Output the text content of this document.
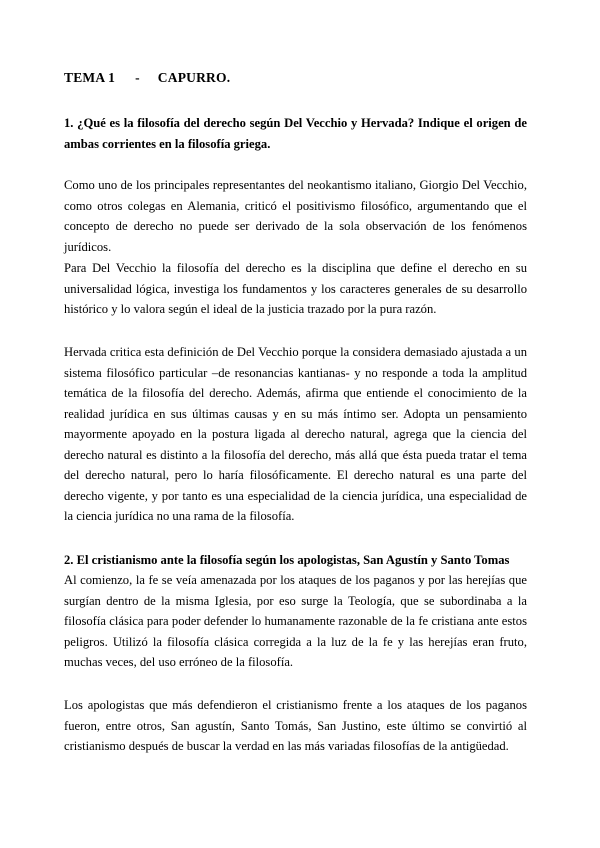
TEMA 1 - CAPURRO.
1. ¿Qué es la filosofía del derecho según Del Vecchio y Hervada? Indique el origen de ambas corrientes en la filosofía griega.
Como uno de los principales representantes del neokantismo italiano, Giorgio Del Vecchio, como otros colegas en Alemania, criticó el positivismo filosófico, argumentando que el concepto de derecho no puede ser derivado de la sola observación de los fenómenos jurídicos.
Para Del Vecchio la filosofía del derecho es la disciplina que define el derecho en su universalidad lógica, investiga los fundamentos y los caracteres generales de su desarrollo histórico y lo valora según el ideal de la justicia trazado por la pura razón.
Hervada critica esta definición de Del Vecchio porque la considera demasiado ajustada a un sistema filosófico particular –de resonancias kantianas- y no responde a toda la amplitud temática de la filosofía del derecho. Además, afirma que entiende el conocimiento de la realidad jurídica en sus últimas causas y en su más íntimo ser. Adopta un pensamiento mayormente apoyado en la postura ligada al derecho natural, agrega que la ciencia del derecho natural es distinto a la filosofía del derecho, más allá que ésta pueda tratar el tema del derecho natural, pero lo haría filosóficamente. El derecho natural es una parte del derecho vigente, y por tanto es una especialidad de la ciencia jurídica, una especialidad de la ciencia jurídica no una rama de la filosofía.
2. El cristianismo ante la filosofía según los apologistas, San Agustín y Santo Tomas
Al comienzo, la fe se veía amenazada por los ataques de los paganos y por las herejías que surgían dentro de la misma Iglesia, por eso surge la Teología, que se subordinaba a la filosofía clásica para poder defender lo humanamente razonable de la fe cristiana ante estos peligros. Utilizó la filosofía clásica corregida a la luz de la fe y las herejías eran fruto, muchas veces, del uso erróneo de la filosofía.
Los apologistas que más defendieron el cristianismo frente a los ataques de los paganos fueron, entre otros, San agustín, Santo Tomás, San Justino, este último se convirtió al cristianismo después de buscar la verdad en las más variadas filosofías de la antigüedad.
